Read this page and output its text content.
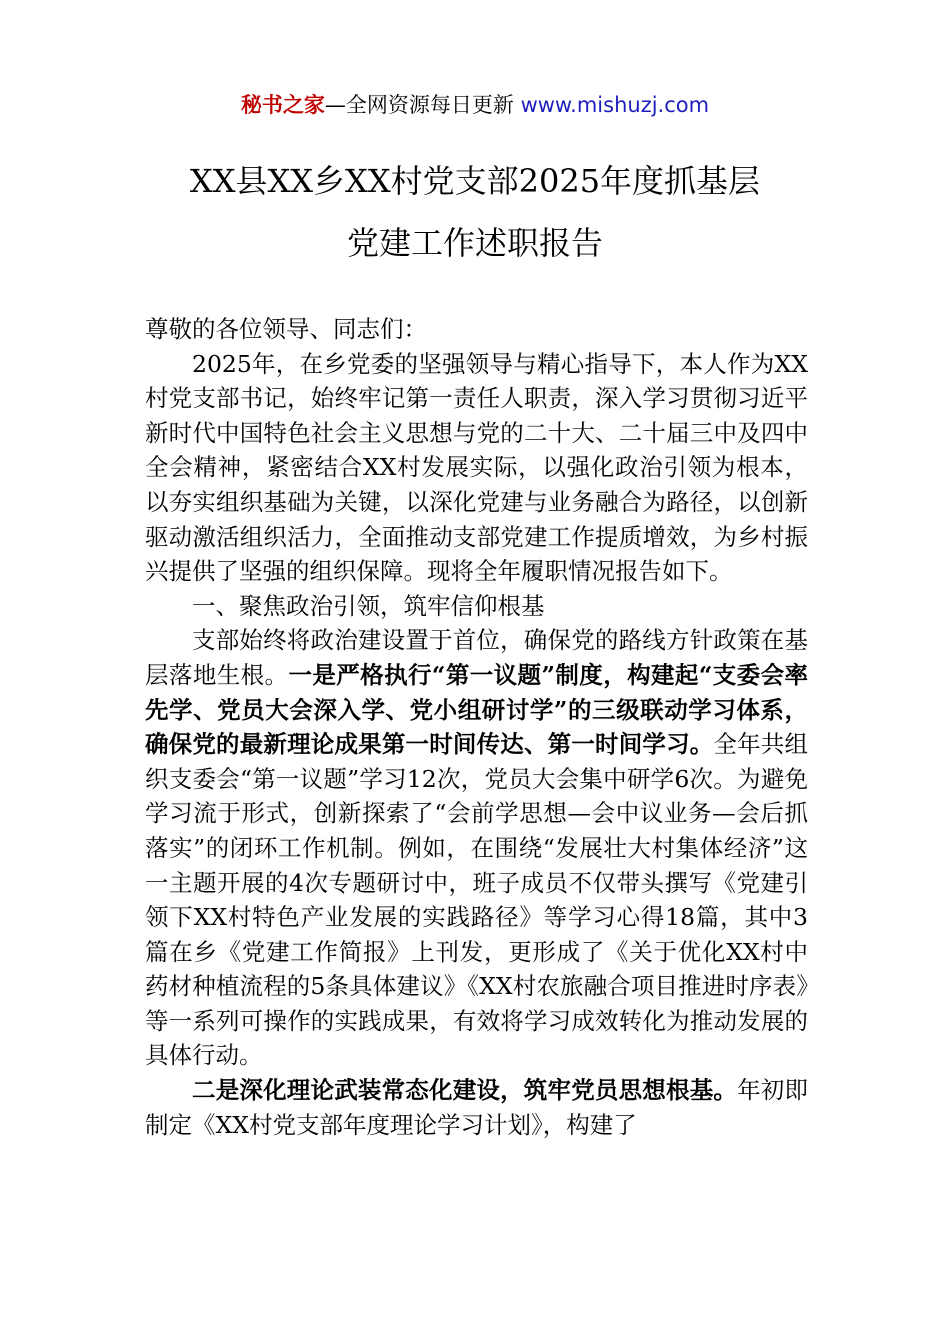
秘书之家—全网资源每日更新 www.mishuzj.com
XX县XX乡XX村党支部2025年度抓基层
党建工作述职报告

尊敬的各位领导、同志们：

2025年，在乡党委的坚强领导与精心指导下，本人作为XX村党支部书记，始终牢记第一责任人职责，深入学习贯彻习近平新时代中国特色社会主义思想与党的二十大、二十届三中及四中全会精神，紧密结合XX村发展实际，以强化政治引领为根本，以夯实组织基础为关键，以深化党建与业务融合为路径，以创新驱动激活组织活力，全面推动支部党建工作提质增效，为乡村振兴提供了坚强的组织保障。现将全年履职情况报告如下。

一、聚焦政治引领，筑牢信仰根基

支部始终将政治建设置于首位，确保党的路线方针政策在基层落地生根。一是严格执行“第一议题”制度，构建起“支委会率先学、党员大会深入学、党小组研讨学”的三级联动学习体系，确保党的最新理论成果第一时间传达、第一时间学习。全年共组织支委会“第一议题”学习12次，党员大会集中研学6次。为避免学习流于形式，创新探索了“会前学思想—会中议业务—会后抓落实”的闭环工作机制。例如，在围绕“发展壮大村集体经济”这一主题开展的4次专题研讨中，班子成员不仅带头撰写《党建引领下XX村特色产业发展的实践路径》等学习心得18篇，其中3篇在乡《党建工作简报》上刊发，更形成了《关于优化XX村中药材种植流程的5条具体建议》《XX村农旅融合项目推进时序表》等一系列可操作的实践成果，有效将学习成效转化为推动发展的具体行动。

二是深化理论武装常态化建设，筑牢党员思想根基。年初即制定《XX村党支部年度理论学习计划》，构建了
